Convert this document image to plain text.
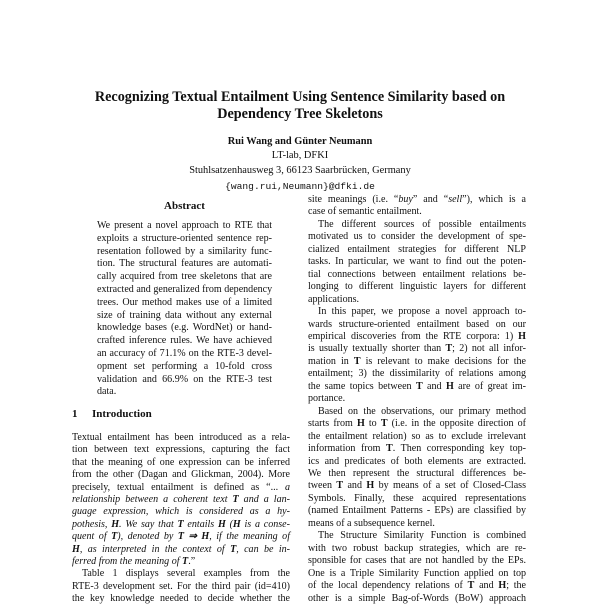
Recognizing Textual Entailment Using Sentence Similarity based on
Dependency Tree Skeletons
Rui Wang and Günter Neumann
LT-lab, DFKI
Stuhlsatzenhausweg 3, 66123 Saarbrücken, Germany
{wang.rui,Neumann}@dfki.de
Abstract
We present a novel approach to RTE that
exploits a structure-oriented sentence rep-
resentation followed by a similarity func-
tion. The structural features are automati-
cally acquired from tree skeletons that are
extracted and generalized from dependency
trees. Our method makes use of a limited
size of training data without any external
knowledge bases (e.g. WordNet) or hand-
crafted inference rules. We have achieved
an accuracy of 71.1% on the RTE-3 devel-
opment set performing a 10-fold cross
validation and 66.9% on the RTE-3 test
data.
1 Introduction
Textual entailment has been introduced as a rela-
tion between text expressions, capturing the fact
that the meaning of one expression can be inferred
from the other (Dagan and Glickman, 2004). More
precisely, textual entailment is defined as “... a
relationship between a coherent text T and a lan-
guage expression, which is considered as a hy-
pothesis, H. We say that T entails H (H is a conse-
quent of T), denoted by T ⇒ H, if the meaning of
H, as interpreted in the context of T, can be in-
ferred from the meaning of T.”
Table 1 displays several examples from the
RTE-3 development set. For the third pair (id=410)
the key knowledge needed to decide whether the
site meanings (i.e. “buy” and “sell”), which is a
case of semantic entailment.
The different sources of possible entailments
motivated us to consider the development of spe-
cialized entailment strategies for different NLP
tasks. In particular, we want to find out the poten-
tial connections between entailment relations be-
longing to different linguistic layers for different
applications.
In this paper, we propose a novel approach to-
wards structure-oriented entailment based on our
empirical discoveries from the RTE corpora: 1) H
is usually textually shorter than T; 2) not all infor-
mation in T is relevant to make decisions for the
entailment; 3) the dissimilarity of relations among
the same topics between T and H are of great im-
portance.
Based on the observations, our primary method
starts from H to T (i.e. in the opposite direction of
the entailment relation) so as to exclude irrelevant
information from T. Then corresponding key top-
ics and predicates of both elements are extracted.
We then represent the structural differences be-
tween T and H by means of a set of Closed-Class
Symbols. Finally, these acquired representations
(named Entailment Patterns - EPs) are classified by
means of a subsequence kernel.
The Structure Similarity Function is combined
with two robust backup strategies, which are re-
sponsible for cases that are not handled by the EPs.
One is a Triple Similarity Function applied on top
of the local dependency relations of T and H; the
other is a simple Bag-of-Words (BoW) approach
